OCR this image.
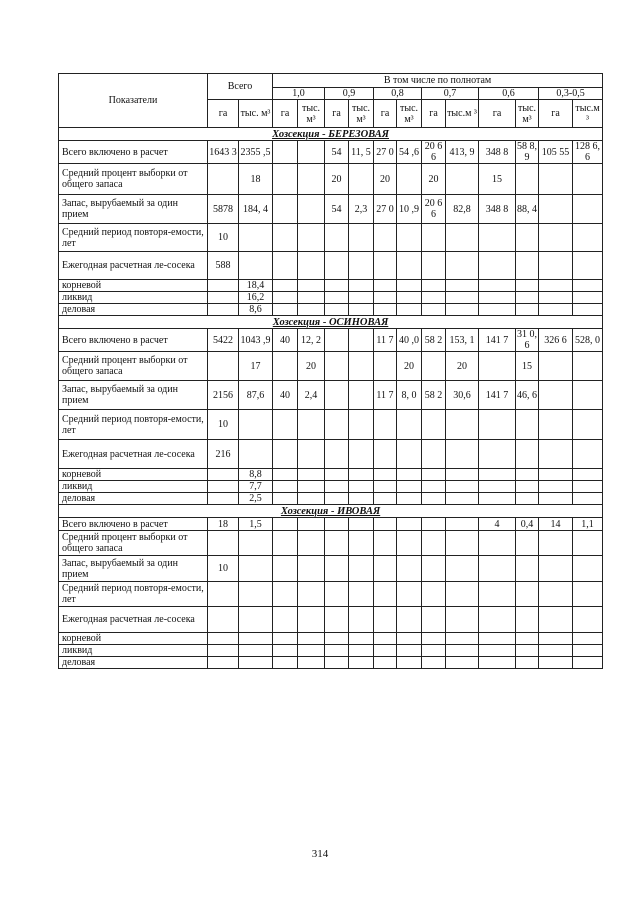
Показатели	Всего		В том числе по полнотам											
			1,0		0,9		0,8		0,7		0,6		0,3-0,5	
	га	тыс. м³	га	тыс. м³	га	тыс. м³	га	тыс. м³	га	тыс.м ³	га	тыс. м³	га	тыс.м ³
Хозсекция - БЕРЕЗОВАЯ														
Всего включено в расчет	1643 3	2355 ,5			54	11, 5	27 0	54 ,6	20 66	413, 9	348 8	58 8,9	105 55	128 6,6
Средний процент выборки от общего запаса		18			20		20		20		15			
Запас, вырубаемый за один прием	5878	184, 4			54	2,3	27 0	10 ,9	20 66	82,8	348 8	88, 4		
Средний период повторя-емости, лет	10													
Ежегодная расчетная ле-сосека	588													
корневой		18,4												
ликвид		16,2												
деловая		8,6												
Хозсекция - ОСИНОВАЯ														
Всего включено в расчет	5422	1043 ,9	40	12, 2			11 7	40 ,0	58 2	153, 1	141 7	31 0,6	326 6	528, 0
Средний процент выборки от общего запаса		17		20				20		20		15		
Запас, вырубаемый за один прием	2156	87,6	40	2,4			11 7	8, 0	58 2	30,6	141 7	46, 6		
Средний период повторя-емости, лет	10													
Ежегодная расчетная ле-сосека	216													
корневой		8,8												
ликвид		7,7												
деловая		2,5												
Хозсекция - ИВОВАЯ														
Всего включено в расчет	18	1,5									4	0,4	14	1,1
Средний процент выборки от общего запаса														
Запас, вырубаемый за один прием	10													
Средний период повторя-емости, лет														
Ежегодная расчетная ле-сосека														
корневой														
ликвид														
деловая														
314
